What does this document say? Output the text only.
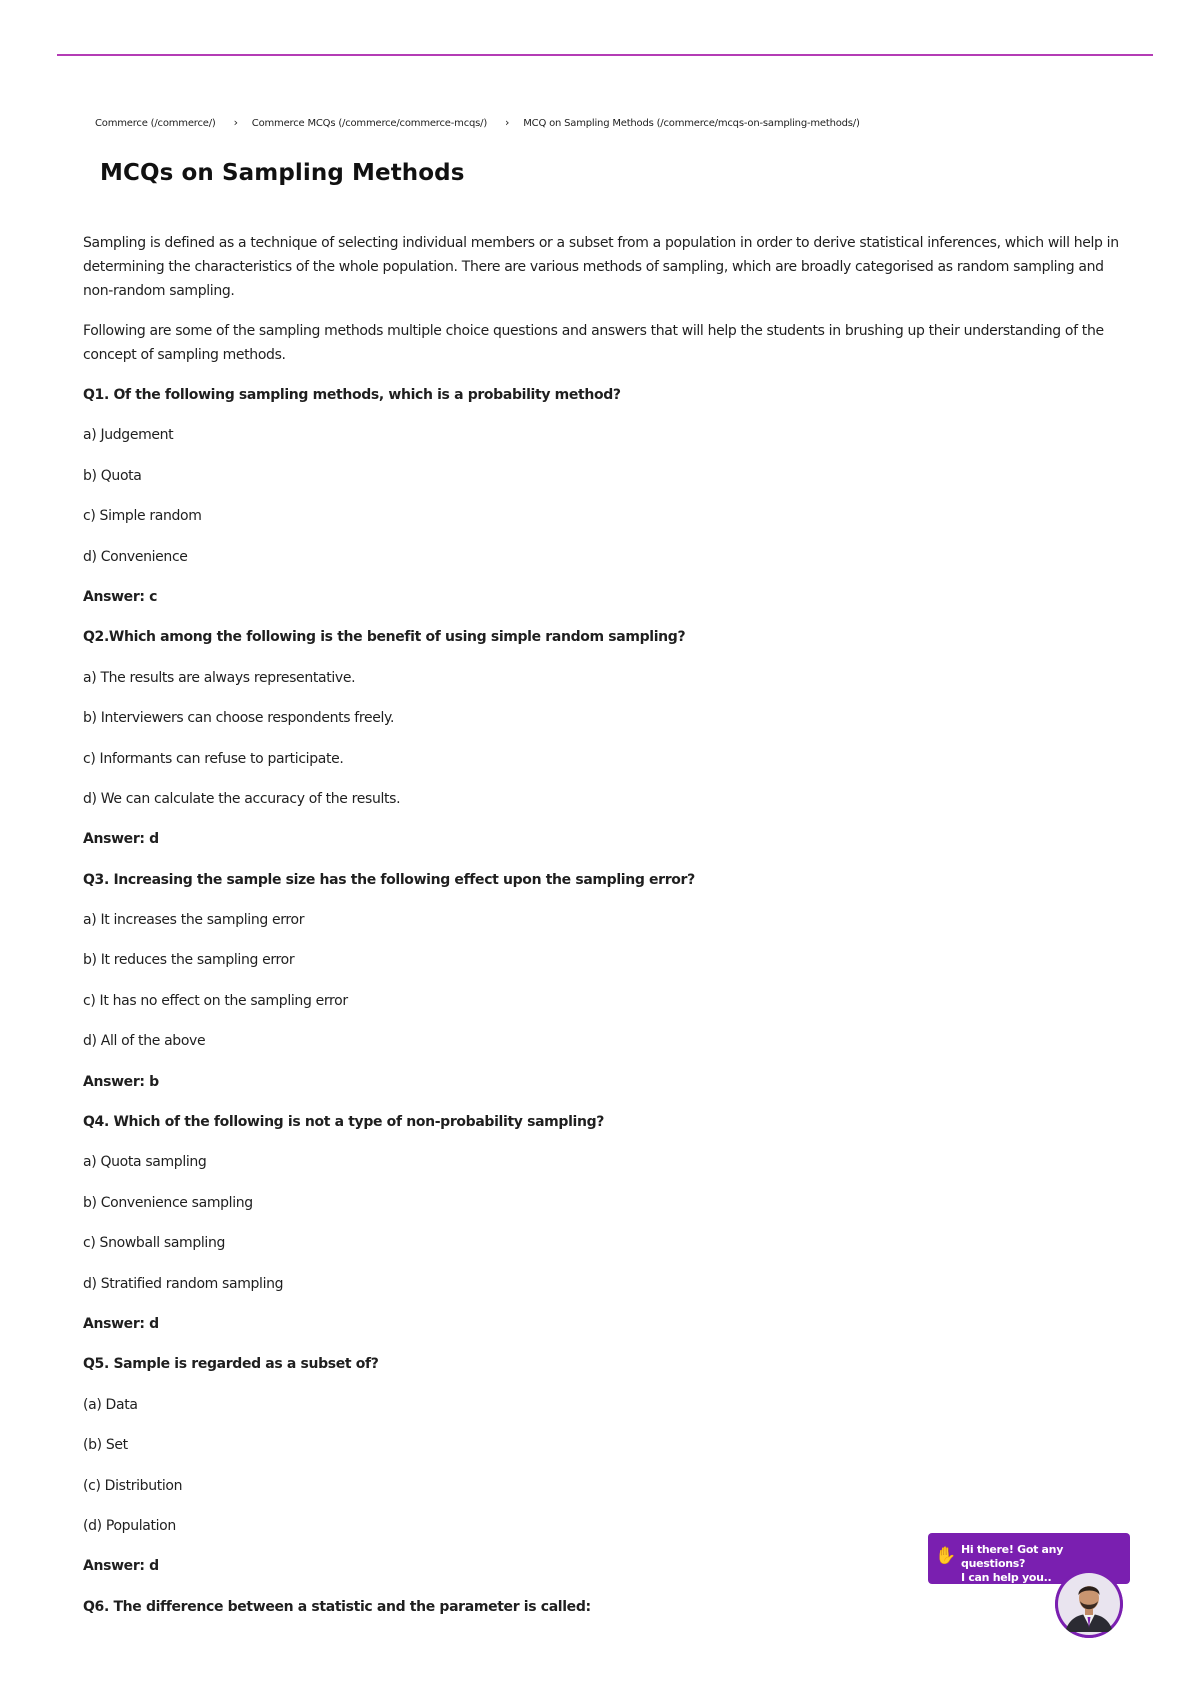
Commerce (/commerce/) › Commerce MCQs (/commerce/commerce-mcqs/) › MCQ on Sampling Methods (/commerce/mcqs-on-sampling-methods/)
MCQs on Sampling Methods

Sampling is defined as a technique of selecting individual members or a subset from a population in order to derive statistical inferences, which will help in determining the characteristics of the whole population. There are various methods of sampling, which are broadly categorised as random sampling and non-random sampling.

Following are some of the sampling methods multiple choice questions and answers that will help the students in brushing up their understanding of the concept of sampling methods.

Q1. Of the following sampling methods, which is a probability method?

a) Judgement

b) Quota

c) Simple random

d) Convenience

Answer: c

Q2.Which among the following is the benefit of using simple random sampling?

a) The results are always representative.

b) Interviewers can choose respondents freely.

c) Informants can refuse to participate.

d) We can calculate the accuracy of the results.

Answer: d

Q3. Increasing the sample size has the following effect upon the sampling error?

a) It increases the sampling error

b) It reduces the sampling error

c) It has no effect on the sampling error

d) All of the above

Answer: b

Q4. Which of the following is not a type of non-probability sampling?

a) Quota sampling

b) Convenience sampling

c) Snowball sampling

d) Stratified random sampling

Answer: d

Q5. Sample is regarded as a subset of?

(a) Data

(b) Set

(c) Distribution

(d) Population

Answer: d

Q6. The difference between a statistic and the parameter is called:

✋ Hi there! Got any questions?
I can help you..
